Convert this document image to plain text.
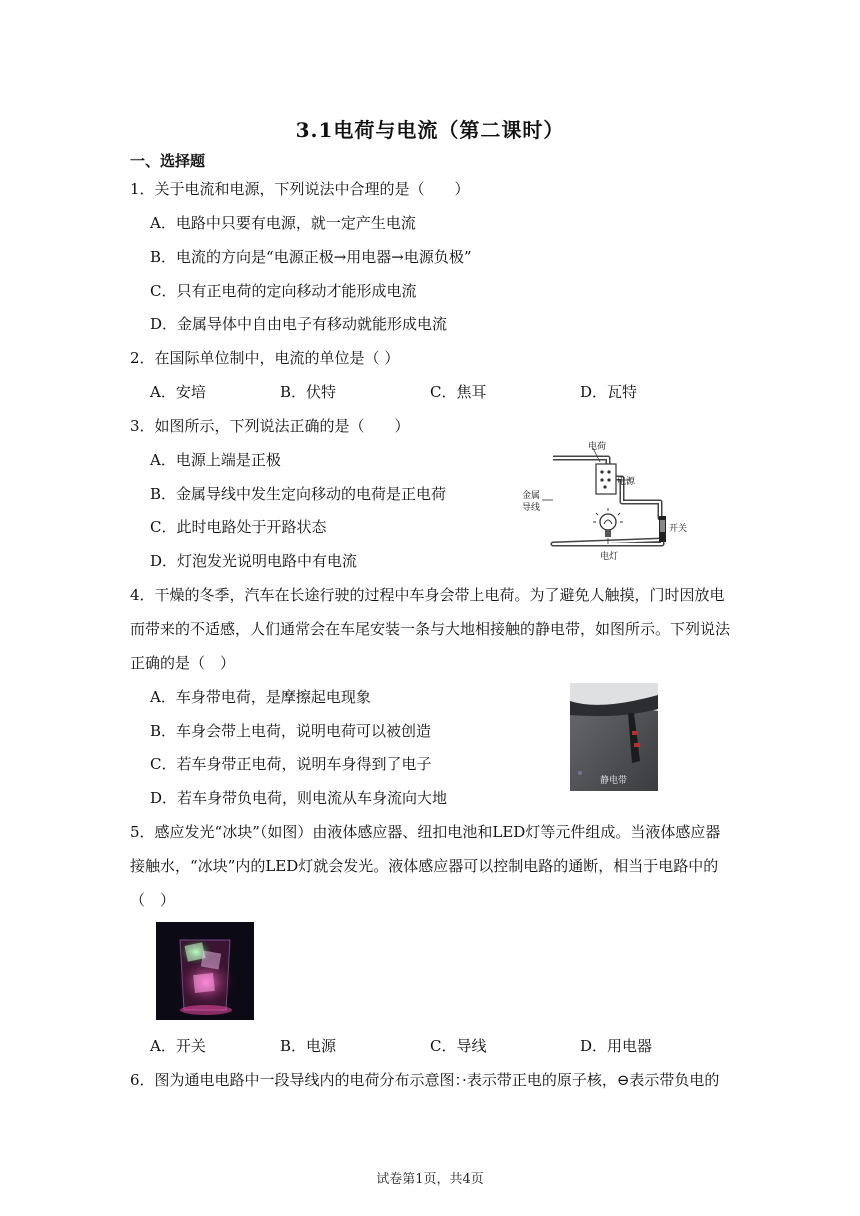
3.1电荷与电流（第二课时）
一、选择题
1．关于电流和电源，下列说法中合理的是（　　）
A．电路中只要有电源，就一定产生电流
B．电流的方向是“电源正极→用电器→电源负极”
C．只有正电荷的定向移动才能形成电流
D．金属导体中自由电子有移动就能形成电流
2．在国际单位制中，电流的单位是（ ）
A．安培	B．伏特	C．焦耳	D．瓦特
3．如图所示，下列说法正确的是（　　）
A．电源上端是正极
B．金属导线中发生定向移动的电荷是正电荷
C．此时电路处于开路状态
D．灯泡发光说明电路中有电流
电荷
电源
金属
导线
开关
电灯
4．干燥的冬季，汽车在长途行驶的过程中车身会带上电荷。为了避免人触摸，门时因放电
而带来的不适感，人们通常会在车尾安装一条与大地相接触的静电带，如图所示。下列说法
正确的是（　）
A．车身带电荷，是摩擦起电现象
B．车身会带上电荷，说明电荷可以被创造
C．若车身带正电荷，说明车身得到了电子
D．若车身带负电荷，则电流从车身流向大地
静电带
5．感应发光“冰块”（如图）由液体感应器、纽扣电池和LED灯等元件组成。当液体感应器
接触水，“冰块”内的LED灯就会发光。液体感应器可以控制电路的通断，相当于电路中的
（　）
A．开关	B．电源	C．导线	D．用电器
6．图为通电电路中一段导线内的电荷分布示意图：·表示带正电的原子核，⊖表示带负电的
试卷第1页，共4页
